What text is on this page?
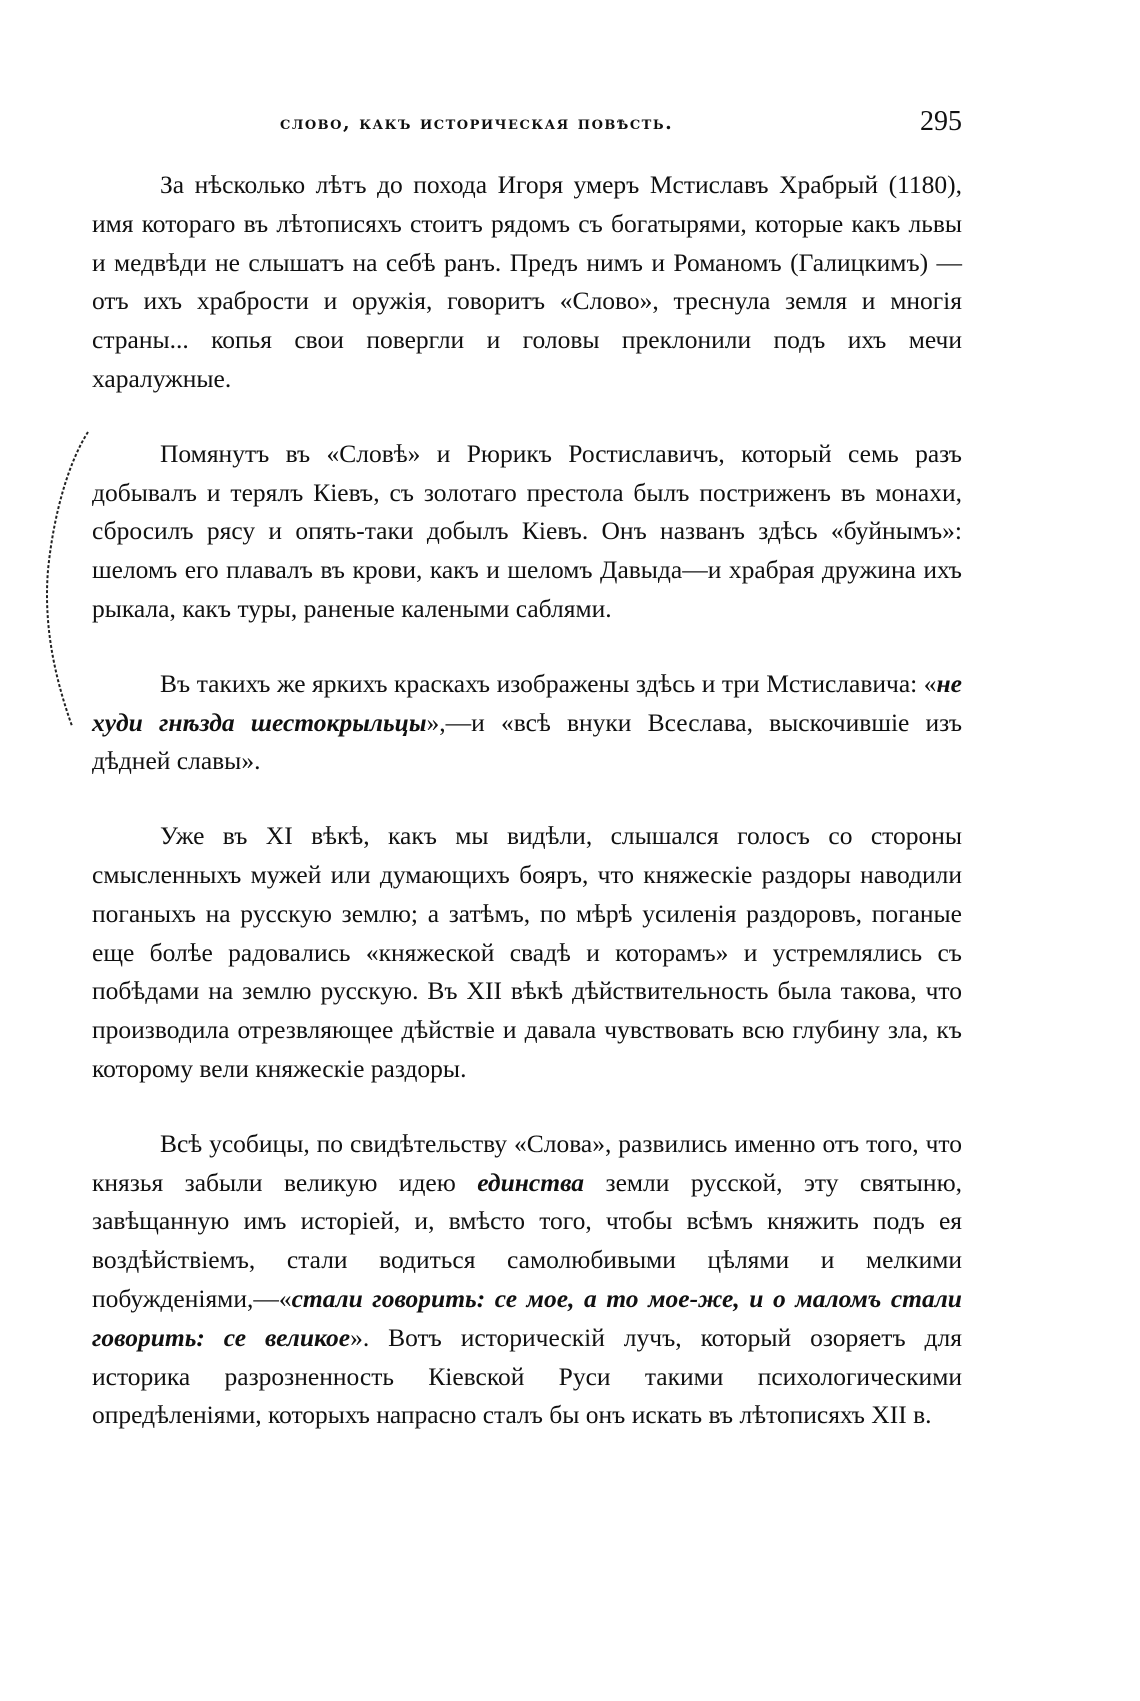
слово, какъ историческая повѣсть.	295

За нѣсколько лѣтъ до похода Игоря умеръ Мстиславъ Храбрый (1180), имя котораго въ лѣтописяхъ стоитъ рядомъ съ богатырями, которые какъ львы и медвѣди не слышатъ на себѣ ранъ. Предъ нимъ и Романомъ (Галицкимъ) — отъ ихъ храбрости и оружія, говоритъ «Слово», треснула земля и многія страны... копья свои повергли и головы преклонили подъ ихъ мечи харалужные.

Помянутъ въ «Словѣ» и Рюрикъ Ростиславичъ, который семь разъ добывалъ и терялъ Кіевъ, съ золотаго престола былъ постриженъ въ монахи, сбросилъ рясу и опять-таки добылъ Кіевъ. Онъ названъ здѣсь «буйнымъ»: шеломъ его плавалъ въ крови, какъ и шеломъ Давыда—и храбрая дружина ихъ рыкала, какъ туры, раненые калеными саблями.

Въ такихъ же яркихъ краскахъ изображены здѣсь и три Мстиславича: «не худи гнѣзда шестокрыльцы»,—и «всѣ внуки Всеслава, выскочившіе изъ дѣдней славы».

Уже въ XI вѣкѣ, какъ мы видѣли, слышался голосъ со стороны смысленныхъ мужей или думающихъ бояръ, что княжескіе раздоры наводили поганыхъ на русскую землю; а затѣмъ, по мѣрѣ усиленія раздоровъ, поганые еще болѣе радовались «княжеской свадѣ и которамъ» и устремлялись съ побѣдами на землю русскую. Въ XII вѣкѣ дѣйствительность была такова, что производила отрезвляющее дѣйствіе и давала чувствовать всю глубину зла, къ которому вели княжескіе раздоры.

Всѣ усобицы, по свидѣтельству «Слова», развились именно отъ того, что князья забыли великую идею единства земли русской, эту святыню, завѣщанную имъ исторіей, и, вмѣсто того, чтобы всѣмъ княжить подъ ея воздѣйствіемъ, стали водиться самолюбивыми цѣлями и мелкими побужденіями,—«стали говорить: се мое, а то мое-же, и о маломъ стали говорить: се великое». Вотъ историческій лучъ, который озоряетъ для историка разрозненность Кіевской Руси такими психологическими опредѣленіями, которыхъ напрасно сталъ бы онъ искать въ лѣтописяхъ XII в.
